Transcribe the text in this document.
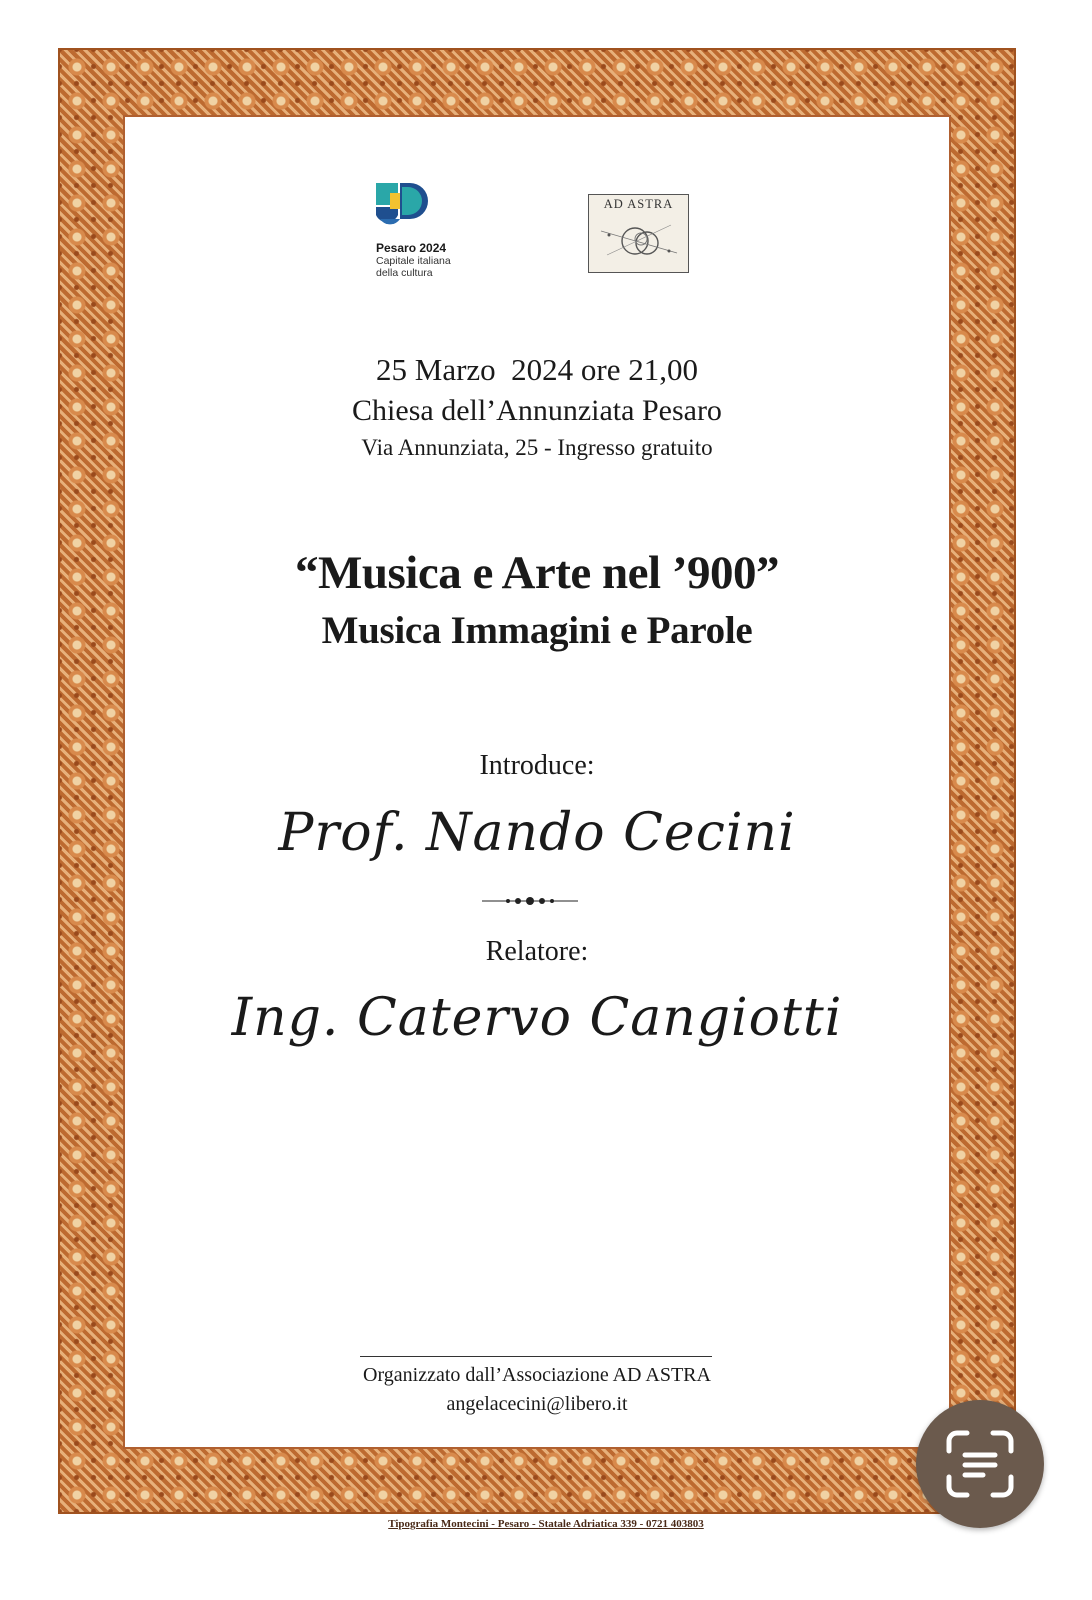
Pesaro 2024
Capitale italiana
della cultura
AD ASTRA
25 Marzo  2024 ore 21,00
Chiesa dell’Annunziata Pesaro
Via Annunziata, 25 - Ingresso gratuito
“Musica e Arte nel ’900”
Musica Immagini e Parole
Introduce:
Prof. Nando Cecini
Relatore:
Ing. Catervo Cangiotti
Organizzato dall’Associazione AD ASTRA
angelacecini@libero.it
Tipografia Montecini - Pesaro - Statale Adriatica 339 - 0721 403803
